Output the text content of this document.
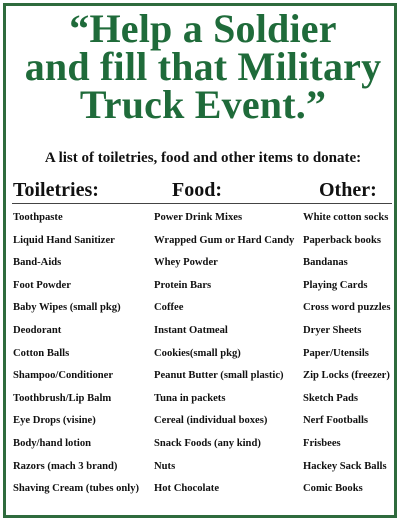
“Help a Soldier
and fill that Military
Truck Event.”
A list of toiletries, food and other items to donate:
Toiletries:	Food:	Other:
Toothpaste
Liquid Hand Sanitizer
Band-Aids
Foot Powder
Baby Wipes (small pkg)
Deodorant
Cotton Balls
Shampoo/Conditioner
Toothbrush/Lip Balm
Eye Drops (visine)
Body/hand lotion
Razors (mach 3 brand)
Shaving Cream (tubes only)
Power Drink Mixes
Wrapped Gum or Hard Candy
Whey Powder
Protein Bars
Coffee
Instant Oatmeal
Cookies(small pkg)
Peanut Butter (small plastic)
Tuna in packets
Cereal (individual boxes)
Snack Foods (any kind)
Nuts
Hot Chocolate
White cotton socks
Paperback books
Bandanas
Playing Cards
Cross word puzzles
Dryer Sheets
Paper/Utensils
Zip Locks (freezer)
Sketch Pads
Nerf Footballs
Frisbees
Hackey Sack Balls
Comic Books
